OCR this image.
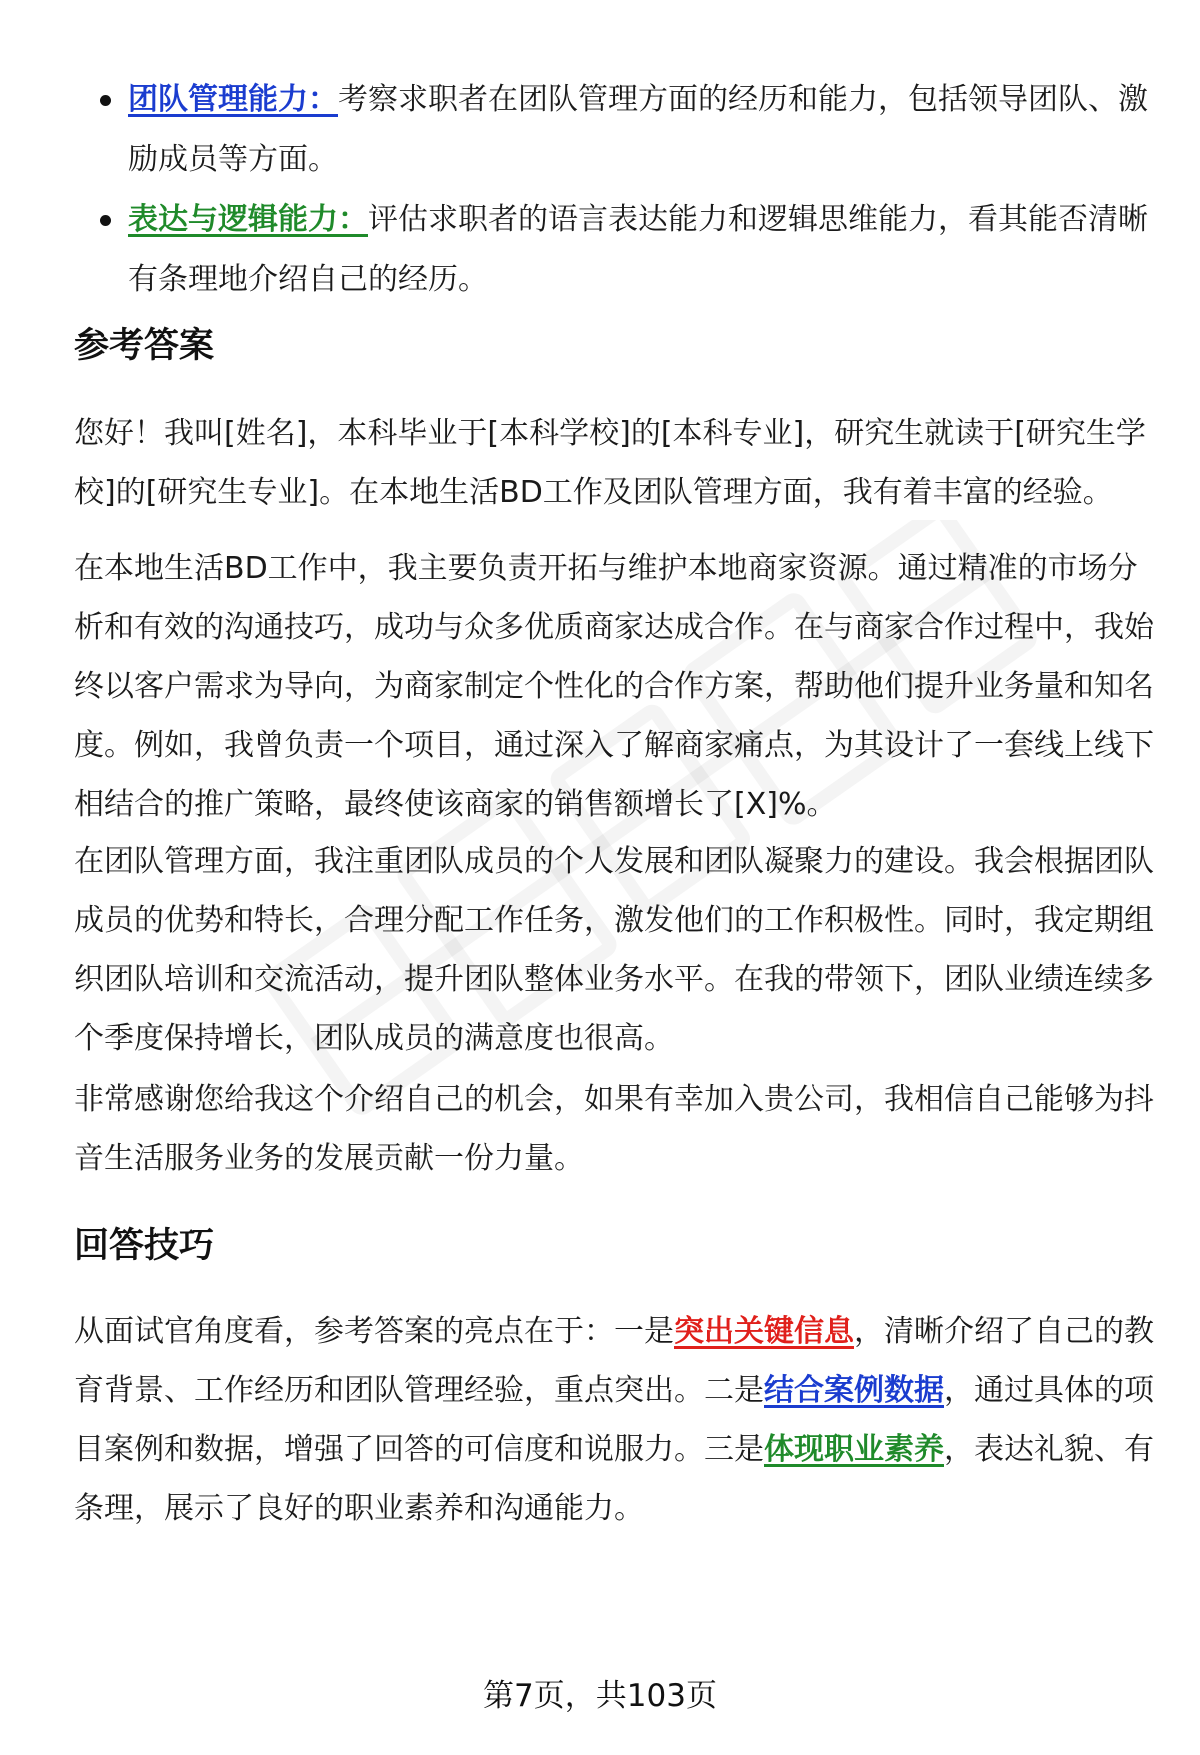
团队管理能力：考察求职者在团队管理方面的经历和能力，包括领导团队、激励成员等方面。
表达与逻辑能力：评估求职者的语言表达能力和逻辑思维能力，看其能否清晰有条理地介绍自己的经历。
参考答案

您好！我叫[姓名]，本科毕业于[本科学校]的[本科专业]，研究生就读于[研究生学校]的[研究生专业]。在本地生活BD工作及团队管理方面，我有着丰富的经验。

在本地生活BD工作中，我主要负责开拓与维护本地商家资源。通过精准的市场分析和有效的沟通技巧，成功与众多优质商家达成合作。在与商家合作过程中，我始终以客户需求为导向，为商家制定个性化的合作方案，帮助他们提升业务量和知名度。例如，我曾负责一个项目，通过深入了解商家痛点，为其设计了一套线上线下相结合的推广策略，最终使该商家的销售额增长了[X]%。

在团队管理方面，我注重团队成员的个人发展和团队凝聚力的建设。我会根据团队成员的优势和特长，合理分配工作任务，激发他们的工作积极性。同时，我定期组织团队培训和交流活动，提升团队整体业务水平。在我的带领下，团队业绩连续多个季度保持增长，团队成员的满意度也很高。

非常感谢您给我这个介绍自己的机会，如果有幸加入贵公司，我相信自己能够为抖音生活服务业务的发展贡献一份力量。

回答技巧

从面试官角度看，参考答案的亮点在于：一是突出关键信息，清晰介绍了自己的教育背景、工作经历和团队管理经验，重点突出。二是结合案例数据，通过具体的项目案例和数据，增强了回答的可信度和说服力。三是体现职业素养，表达礼貌、有条理，展示了良好的职业素养和沟通能力。

第7页，共103页
